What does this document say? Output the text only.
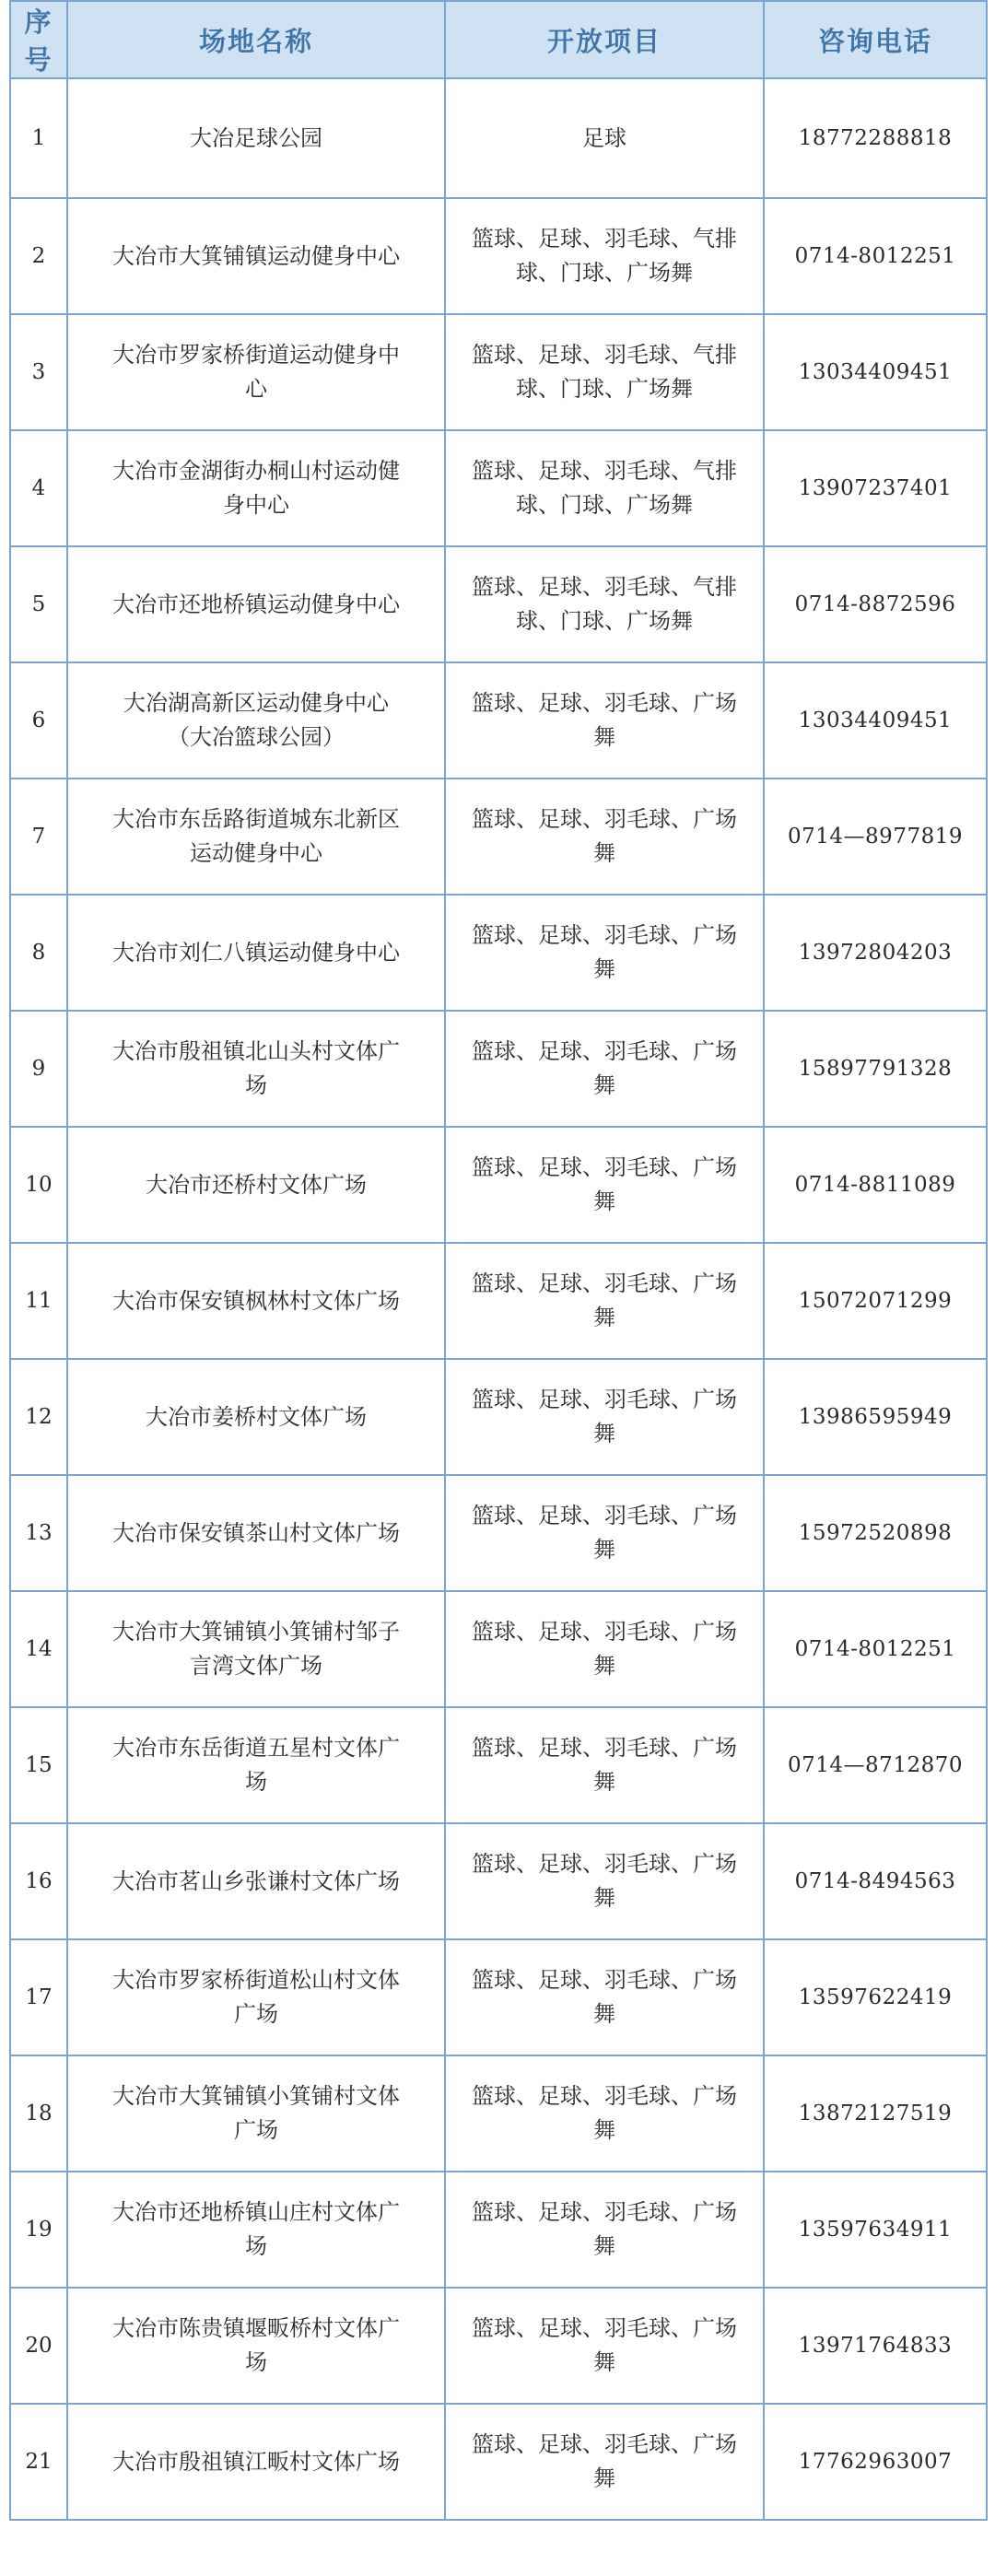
序号	场地名称	开放项目	咨询电话
1	大冶足球公园	足球	18772288818
2	大冶市大箕铺镇运动健身中心	篮球、足球、羽毛球、气排球、门球、广场舞	0714-8012251
3	大冶市罗家桥街道运动健身中心	篮球、足球、羽毛球、气排球、门球、广场舞	13034409451
4	大冶市金湖街办桐山村运动健身中心	篮球、足球、羽毛球、气排球、门球、广场舞	13907237401
5	大冶市还地桥镇运动健身中心	篮球、足球、羽毛球、气排球、门球、广场舞	0714-8872596
6	大冶湖高新区运动健身中心（大冶篮球公园）	篮球、足球、羽毛球、广场舞	13034409451
7	大冶市东岳路街道城东北新区运动健身中心	篮球、足球、羽毛球、广场舞	0714—8977819
8	大冶市刘仁八镇运动健身中心	篮球、足球、羽毛球、广场舞	13972804203
9	大冶市殷祖镇北山头村文体广场	篮球、足球、羽毛球、广场舞	15897791328
10	大冶市还桥村文体广场	篮球、足球、羽毛球、广场舞	0714-8811089
11	大冶市保安镇枫林村文体广场	篮球、足球、羽毛球、广场舞	15072071299
12	大冶市姜桥村文体广场	篮球、足球、羽毛球、广场舞	13986595949
13	大冶市保安镇茶山村文体广场	篮球、足球、羽毛球、广场舞	15972520898
14	大冶市大箕铺镇小箕铺村邹子言湾文体广场	篮球、足球、羽毛球、广场舞	0714-8012251
15	大冶市东岳街道五星村文体广场	篮球、足球、羽毛球、广场舞	0714—8712870
16	大冶市茗山乡张谦村文体广场	篮球、足球、羽毛球、广场舞	0714-8494563
17	大冶市罗家桥街道松山村文体广场	篮球、足球、羽毛球、广场舞	13597622419
18	大冶市大箕铺镇小箕铺村文体广场	篮球、足球、羽毛球、广场舞	13872127519
19	大冶市还地桥镇山庄村文体广场	篮球、足球、羽毛球、广场舞	13597634911
20	大冶市陈贵镇堰畈桥村文体广场	篮球、足球、羽毛球、广场舞	13971764833
21	大冶市殷祖镇江畈村文体广场	篮球、足球、羽毛球、广场舞	17762963007
